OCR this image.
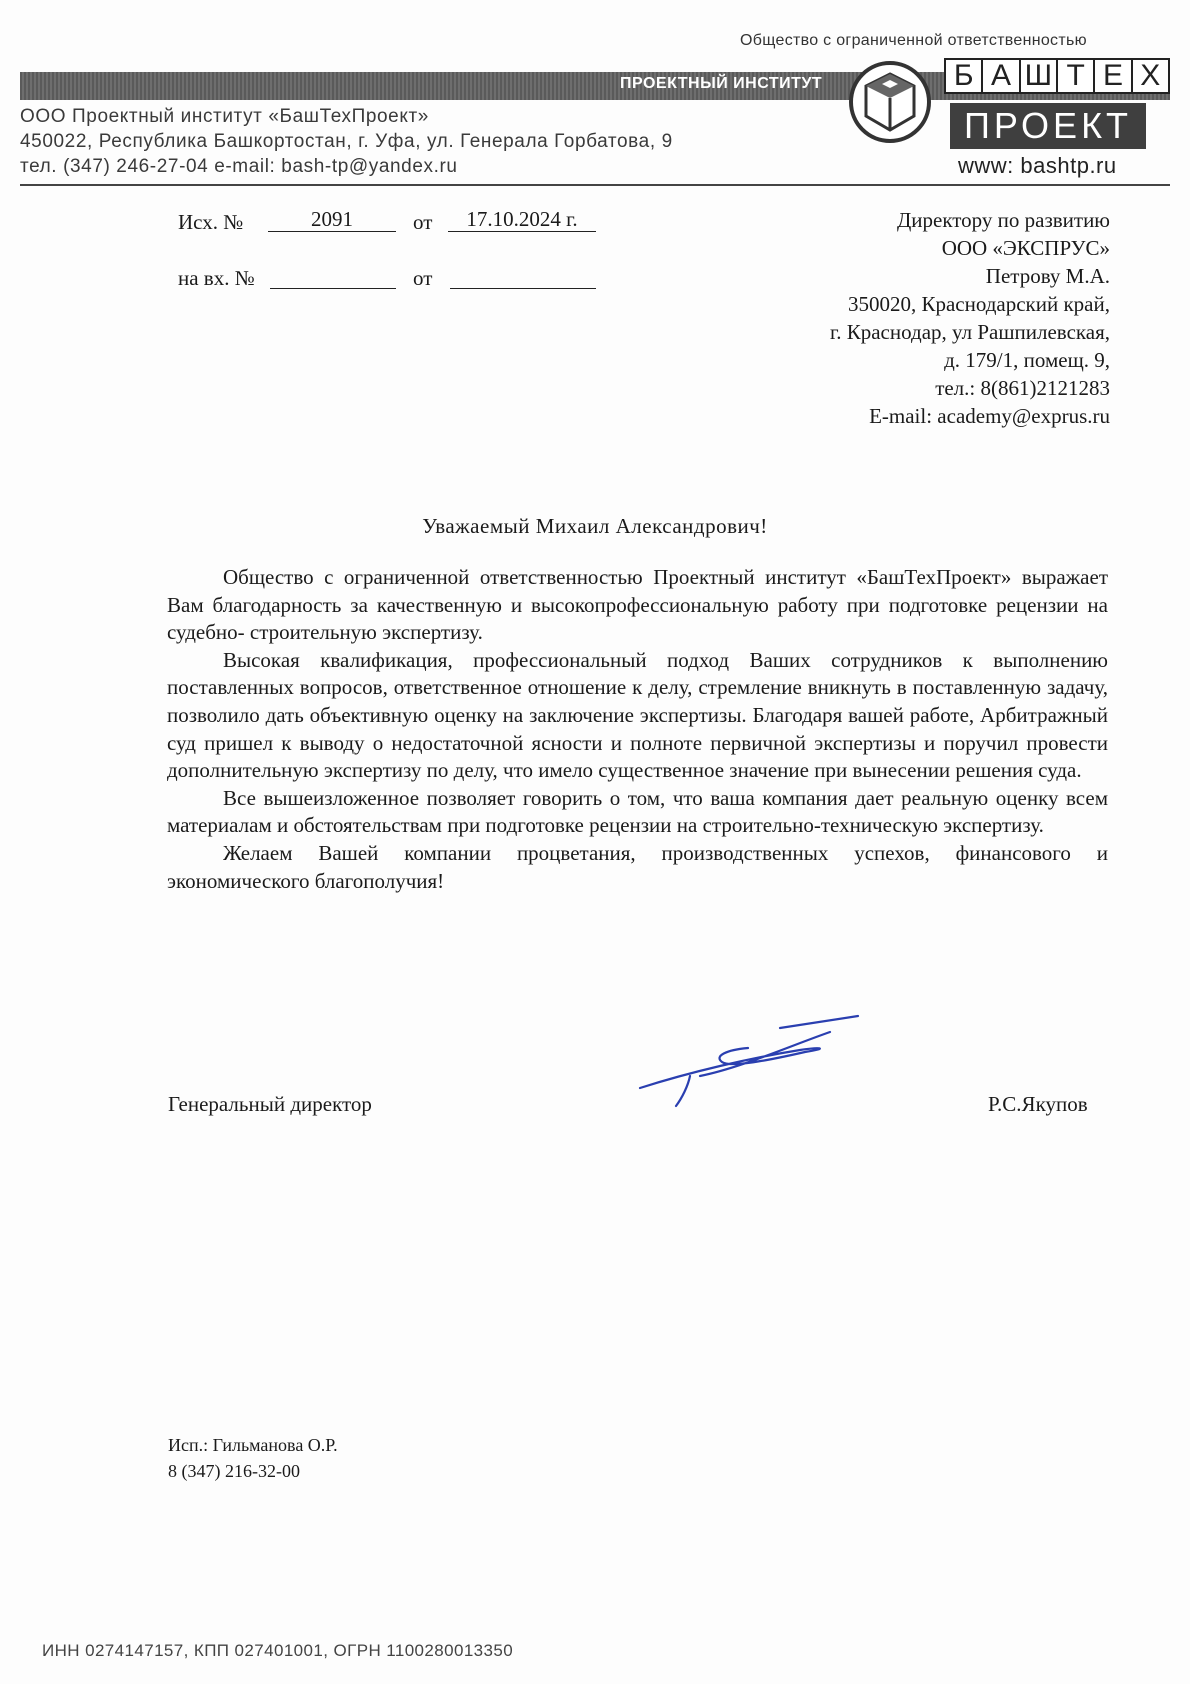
Общество с ограниченной ответственностью
ПРОЕКТНЫЙ ИНСТИТУТ	Б А Ш Т Е Х
ПРОЕКТ
www: bashtp.ru
ООО Проектный институт «БашТехПроект»
450022, Республика Башкортостан, г. Уфа, ул. Генерала Горбатова, 9
тел. (347) 246-27-04 e-mail: bash-tp@yandex.ru
Исх. №	2091	от	17.10.2024 г.
на вх. №	от
Директору по развитию
ООО «ЭКСПРУС»
Петрову М.А.
350020, Краснодарский край,
г. Краснодар, ул Рашпилевская,
д. 179/1, помещ. 9,
тел.: 8(861)2121283
E-mail: academy@exprus.ru
Уважаемый Михаил Александрович!

Общество с ограниченной ответственностью Проектный институт «БашТехПроект» выражает Вам благодарность за качественную и высокопрофессиональную работу при подготовке рецензии на судебно- строительную экспертизу.

Высокая квалификация, профессиональный подход Ваших сотрудников к выполнению поставленных вопросов, ответственное отношение к делу, стремление вникнуть в поставленную задачу, позволило дать объективную оценку на заключение экспертизы. Благодаря вашей работе, Арбитражный суд пришел к выводу о недостаточной ясности и полноте первичной экспертизы и поручил провести дополнительную экспертизу по делу, что имело существенное значение при вынесении решения суда.

Все вышеизложенное позволяет говорить о том, что ваша компания дает реальную оценку всем материалам и обстоятельствам при подготовке рецензии на строительно-техническую экспертизу.

Желаем Вашей компании процветания, производственных успехов, финансового и экономического благополучия!

Генеральный директор	Р.С.Якупов
Исп.: Гильманова О.Р.
8 (347) 216-32-00
ИНН 0274147157, КПП 027401001, ОГРН 1100280013350
